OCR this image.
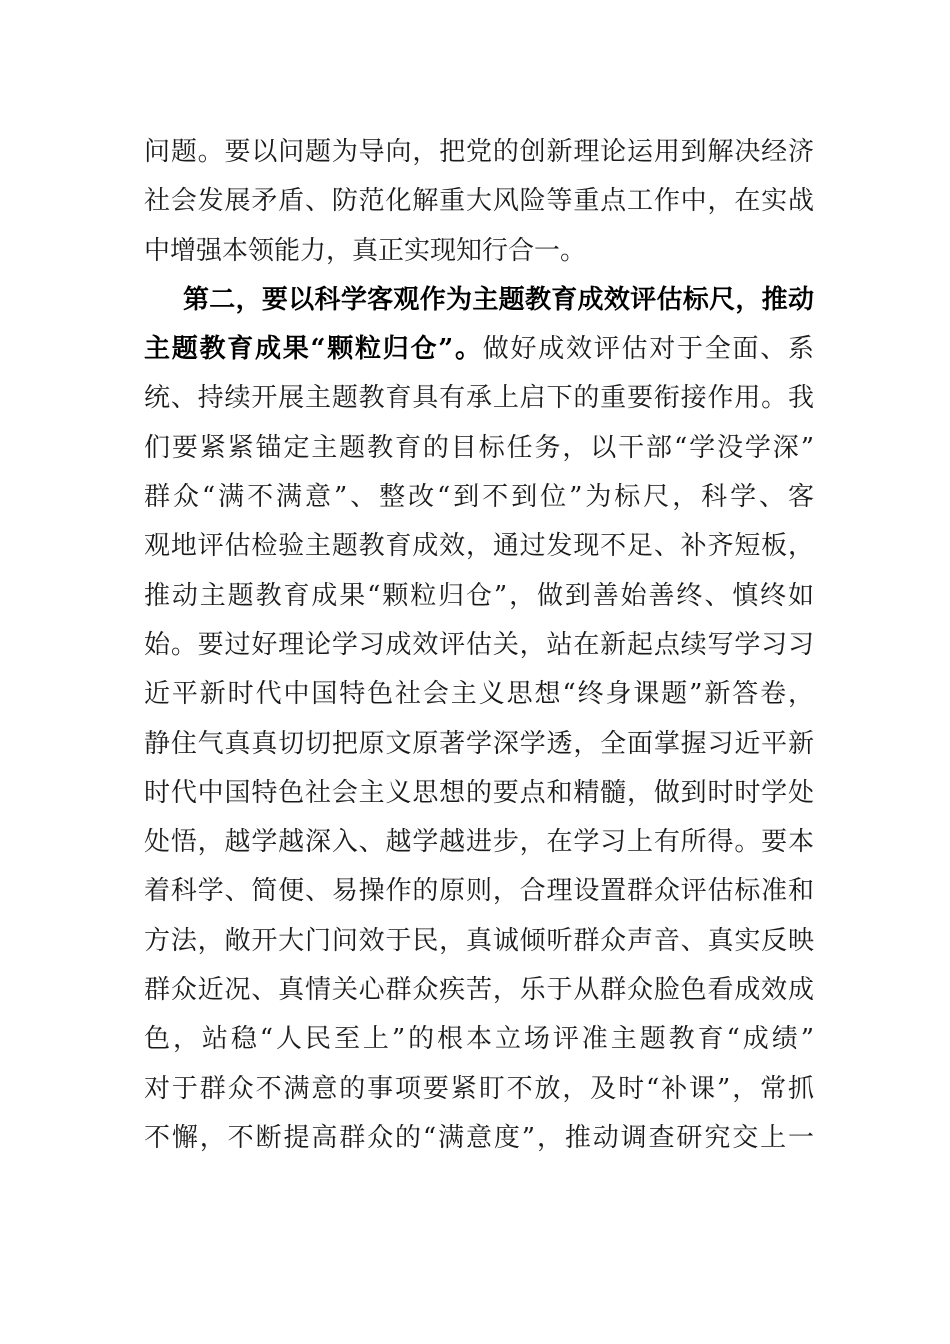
问题。要以问题为导向，把党的创新理论运用到解决经济
社会发展矛盾、防范化解重大风险等重点工作中，在实战
中增强本领能力，真正实现知行合一。
第二，要以科学客观作为主题教育成效评估标尺，推动
主题教育成果“颗粒归仓”。做好成效评估对于全面、系
统、持续开展主题教育具有承上启下的重要衔接作用。我
们要紧紧锚定主题教育的目标任务，以干部“学没学深”
群众“满不满意”、整改“到不到位”为标尺，科学、客
观地评估检验主题教育成效，通过发现不足、补齐短板，
推动主题教育成果“颗粒归仓”，做到善始善终、慎终如
始。要过好理论学习成效评估关，站在新起点续写学习习
近平新时代中国特色社会主义思想“终身课题”新答卷，
静住气真真切切把原文原著学深学透，全面掌握习近平新
时代中国特色社会主义思想的要点和精髓，做到时时学处
处悟，越学越深入、越学越进步，在学习上有所得。要本
着科学、简便、易操作的原则，合理设置群众评估标准和
方法，敞开大门问效于民，真诚倾听群众声音、真实反映
群众近况、真情关心群众疾苦，乐于从群众脸色看成效成
色，站稳“人民至上”的根本立场评准主题教育“成绩”
对于群众不满意的事项要紧盯不放，及时“补课”，常抓
不懈，不断提高群众的“满意度”，推动调查研究交上一
